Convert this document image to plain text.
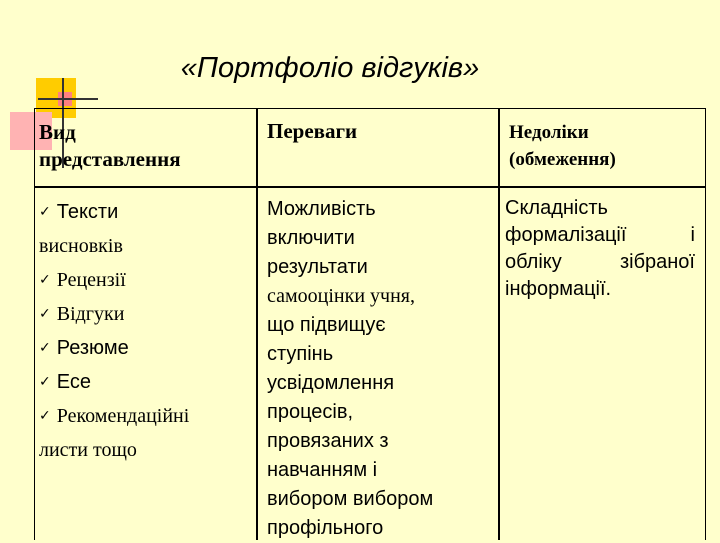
«Портфоліо відгуків»
Вид
представлення
Переваги	Недоліки
(обмеження)
✓ Тексти
висновків
✓ Рецензії
✓ Відгуки
✓ Резюме
✓ Есе
✓ Рекомендаційні
листи тощо
Можливість
включити
результати
самооцінки учня,
що підвищує
ступінь
усвідомлення
процесів,
провязаних з
навчанням і
вибором вибором
профільного
Складність
формалізації і
обліку зібраної
інформації.
